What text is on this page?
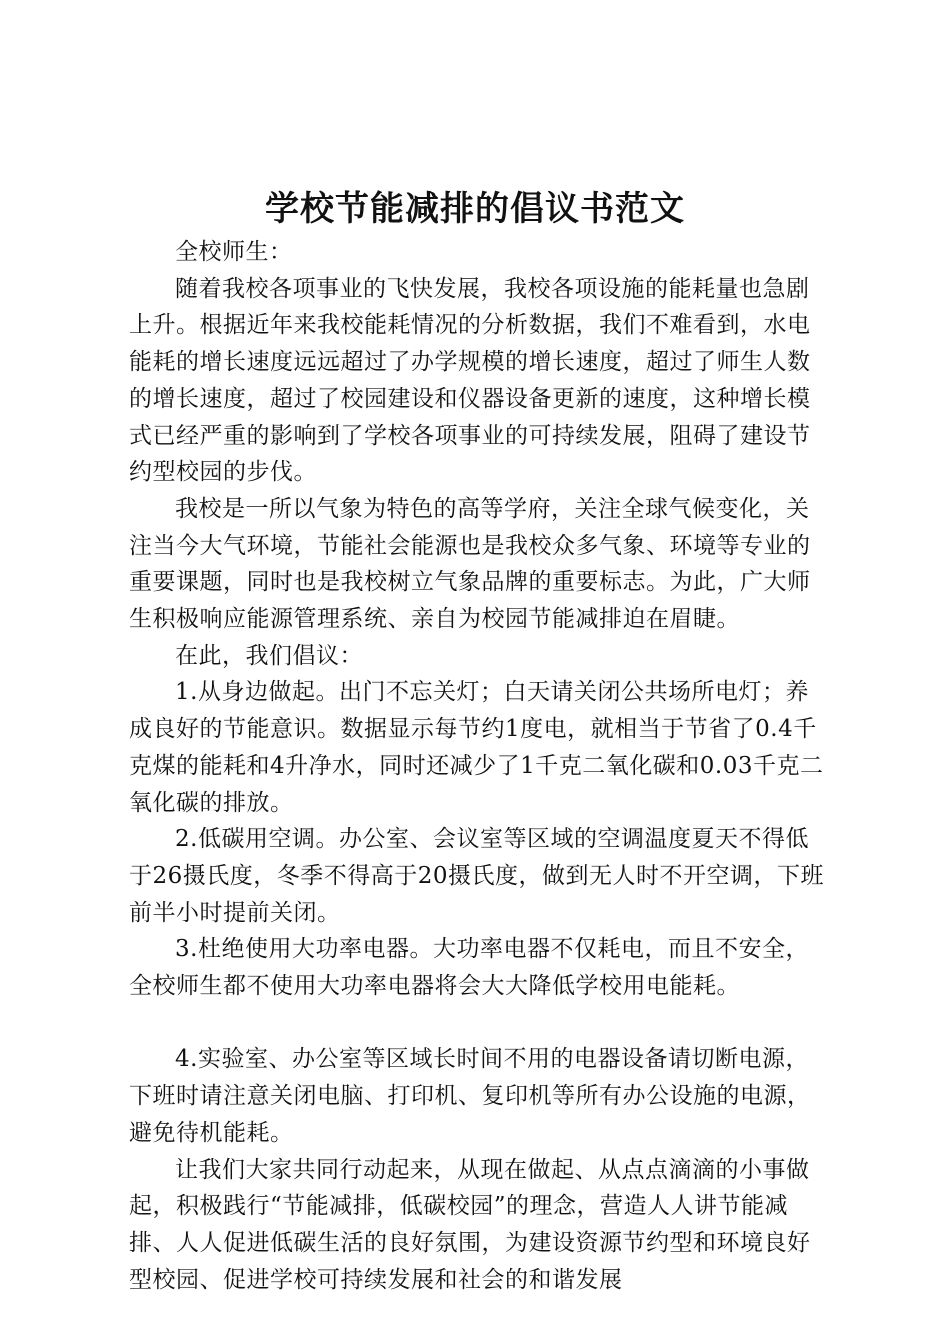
学校节能减排的倡议书范文

全校师生：

随着我校各项事业的飞快发展，我校各项设施的能耗量也急剧上升。根据近年来我校能耗情况的分析数据，我们不难看到，水电能耗的增长速度远远超过了办学规模的增长速度，超过了师生人数的增长速度，超过了校园建设和仪器设备更新的速度，这种增长模式已经严重的影响到了学校各项事业的可持续发展，阻碍了建设节约型校园的步伐。

我校是一所以气象为特色的高等学府，关注全球气候变化，关注当今大气环境，节能社会能源也是我校众多气象、环境等专业的重要课题，同时也是我校树立气象品牌的重要标志。为此，广大师生积极响应能源管理系统、亲自为校园节能减排迫在眉睫。

在此，我们倡议：

1.从身边做起。出门不忘关灯；白天请关闭公共场所电灯；养成良好的节能意识。数据显示每节约1度电，就相当于节省了0.4千克煤的能耗和4升净水，同时还减少了1千克二氧化碳和0.03千克二氧化碳的排放。

2.低碳用空调。办公室、会议室等区域的空调温度夏天不得低于26摄氏度，冬季不得高于20摄氏度，做到无人时不开空调，下班前半小时提前关闭。

3.杜绝使用大功率电器。大功率电器不仅耗电，而且不安全，全校师生都不使用大功率电器将会大大降低学校用电能耗。

4.实验室、办公室等区域长时间不用的电器设备请切断电源，下班时请注意关闭电脑、打印机、复印机等所有办公设施的电源，避免待机能耗。

让我们大家共同行动起来，从现在做起、从点点滴滴的小事做起，积极践行“节能减排，低碳校园”的理念，营造人人讲节能减排、人人促进低碳生活的良好氛围，为建设资源节约型和环境良好型校园、促进学校可持续发展和社会的和谐发展
